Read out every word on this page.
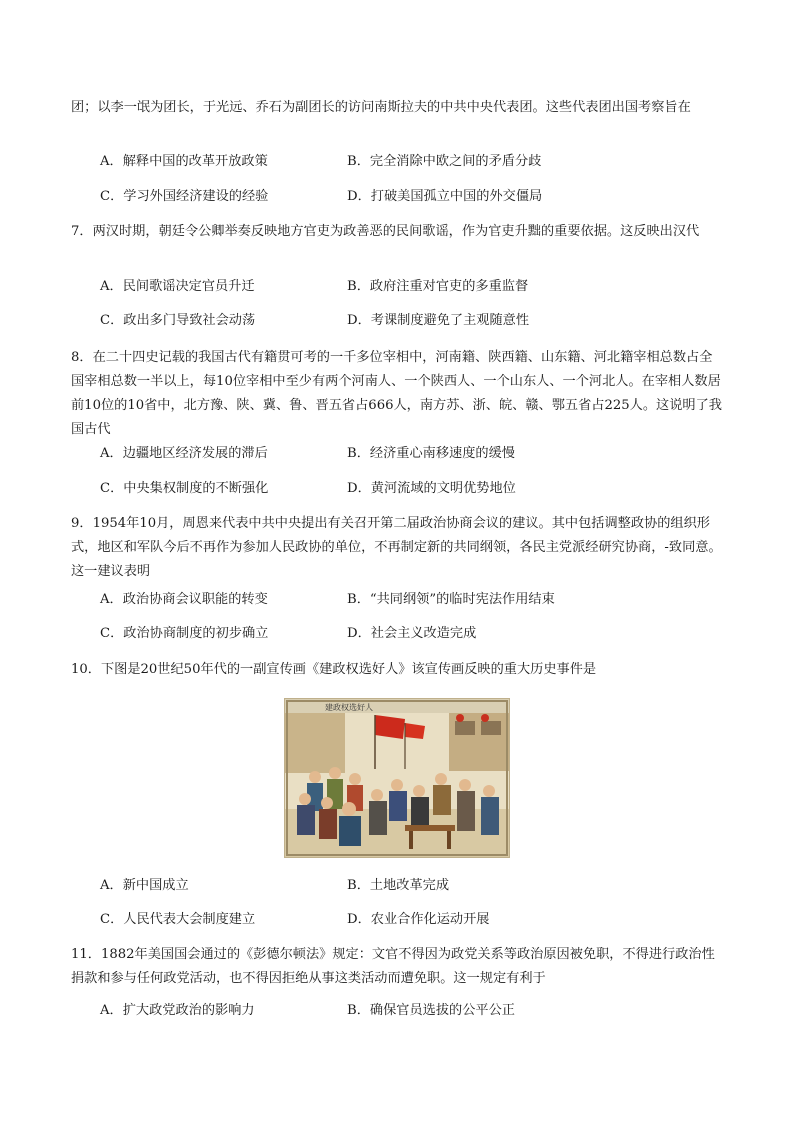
团；以李一氓为团长，于光远、乔石为副团长的访问南斯拉夫的中共中央代表团。这些代表团出国考察旨在

A．解释中国的改革开放政策	B．完全消除中欧之间的矛盾分歧
C．学习外国经济建设的经验	D．打破美国孤立中国的外交僵局

7．两汉时期，朝廷令公卿举奏反映地方官吏为政善恶的民间歌谣，作为官吏升黜的重要依据。这反映出汉代

A．民间歌谣决定官员升迁	B．政府注重对官吏的多重监督
C．政出多门导致社会动荡	D．考课制度避免了主观随意性

8．在二十四史记载的我国古代有籍贯可考的一千多位宰相中，河南籍、陕西籍、山东籍、河北籍宰相总数占全国宰相总数一半以上，每10位宰相中至少有两个河南人、一个陕西人、一个山东人、一个河北人。在宰相人数居前10位的10省中，北方豫、陕、冀、鲁、晋五省占666人，南方苏、浙、皖、赣、鄂五省占225人。这说明了我国古代

A．边疆地区经济发展的滞后	B．经济重心南移速度的缓慢
C．中央集权制度的不断强化	D．黄河流域的文明优势地位

9．1954年10月，周恩来代表中共中央提出有关召开第二届政治协商会议的建议。其中包括调整政协的组织形式，地区和军队今后不再作为参加人民政协的单位，不再制定新的共同纲领，各民主党派经研究协商，-致同意。这一建议表明

A．政治协商会议职能的转变	B．“共同纲领”的临时宪法作用结束
C．政治协商制度的初步确立	D．社会主义改造完成

10．下图是20世纪50年代的一副宣传画《建政权选好人》该宣传画反映的重大历史事件是

建政权选好人
A．新中国成立	B．土地改革完成
C．人民代表大会制度建立	D．农业合作化运动开展

11．1882年美国国会通过的《彭德尔顿法》规定：文官不得因为政党关系等政治原因被免职，不得进行政治性捐款和参与任何政党活动，也不得因拒绝从事这类活动而遭免职。这一规定有利于

A．扩大政党政治的影响力	B．确保官员选拔的公平公正
